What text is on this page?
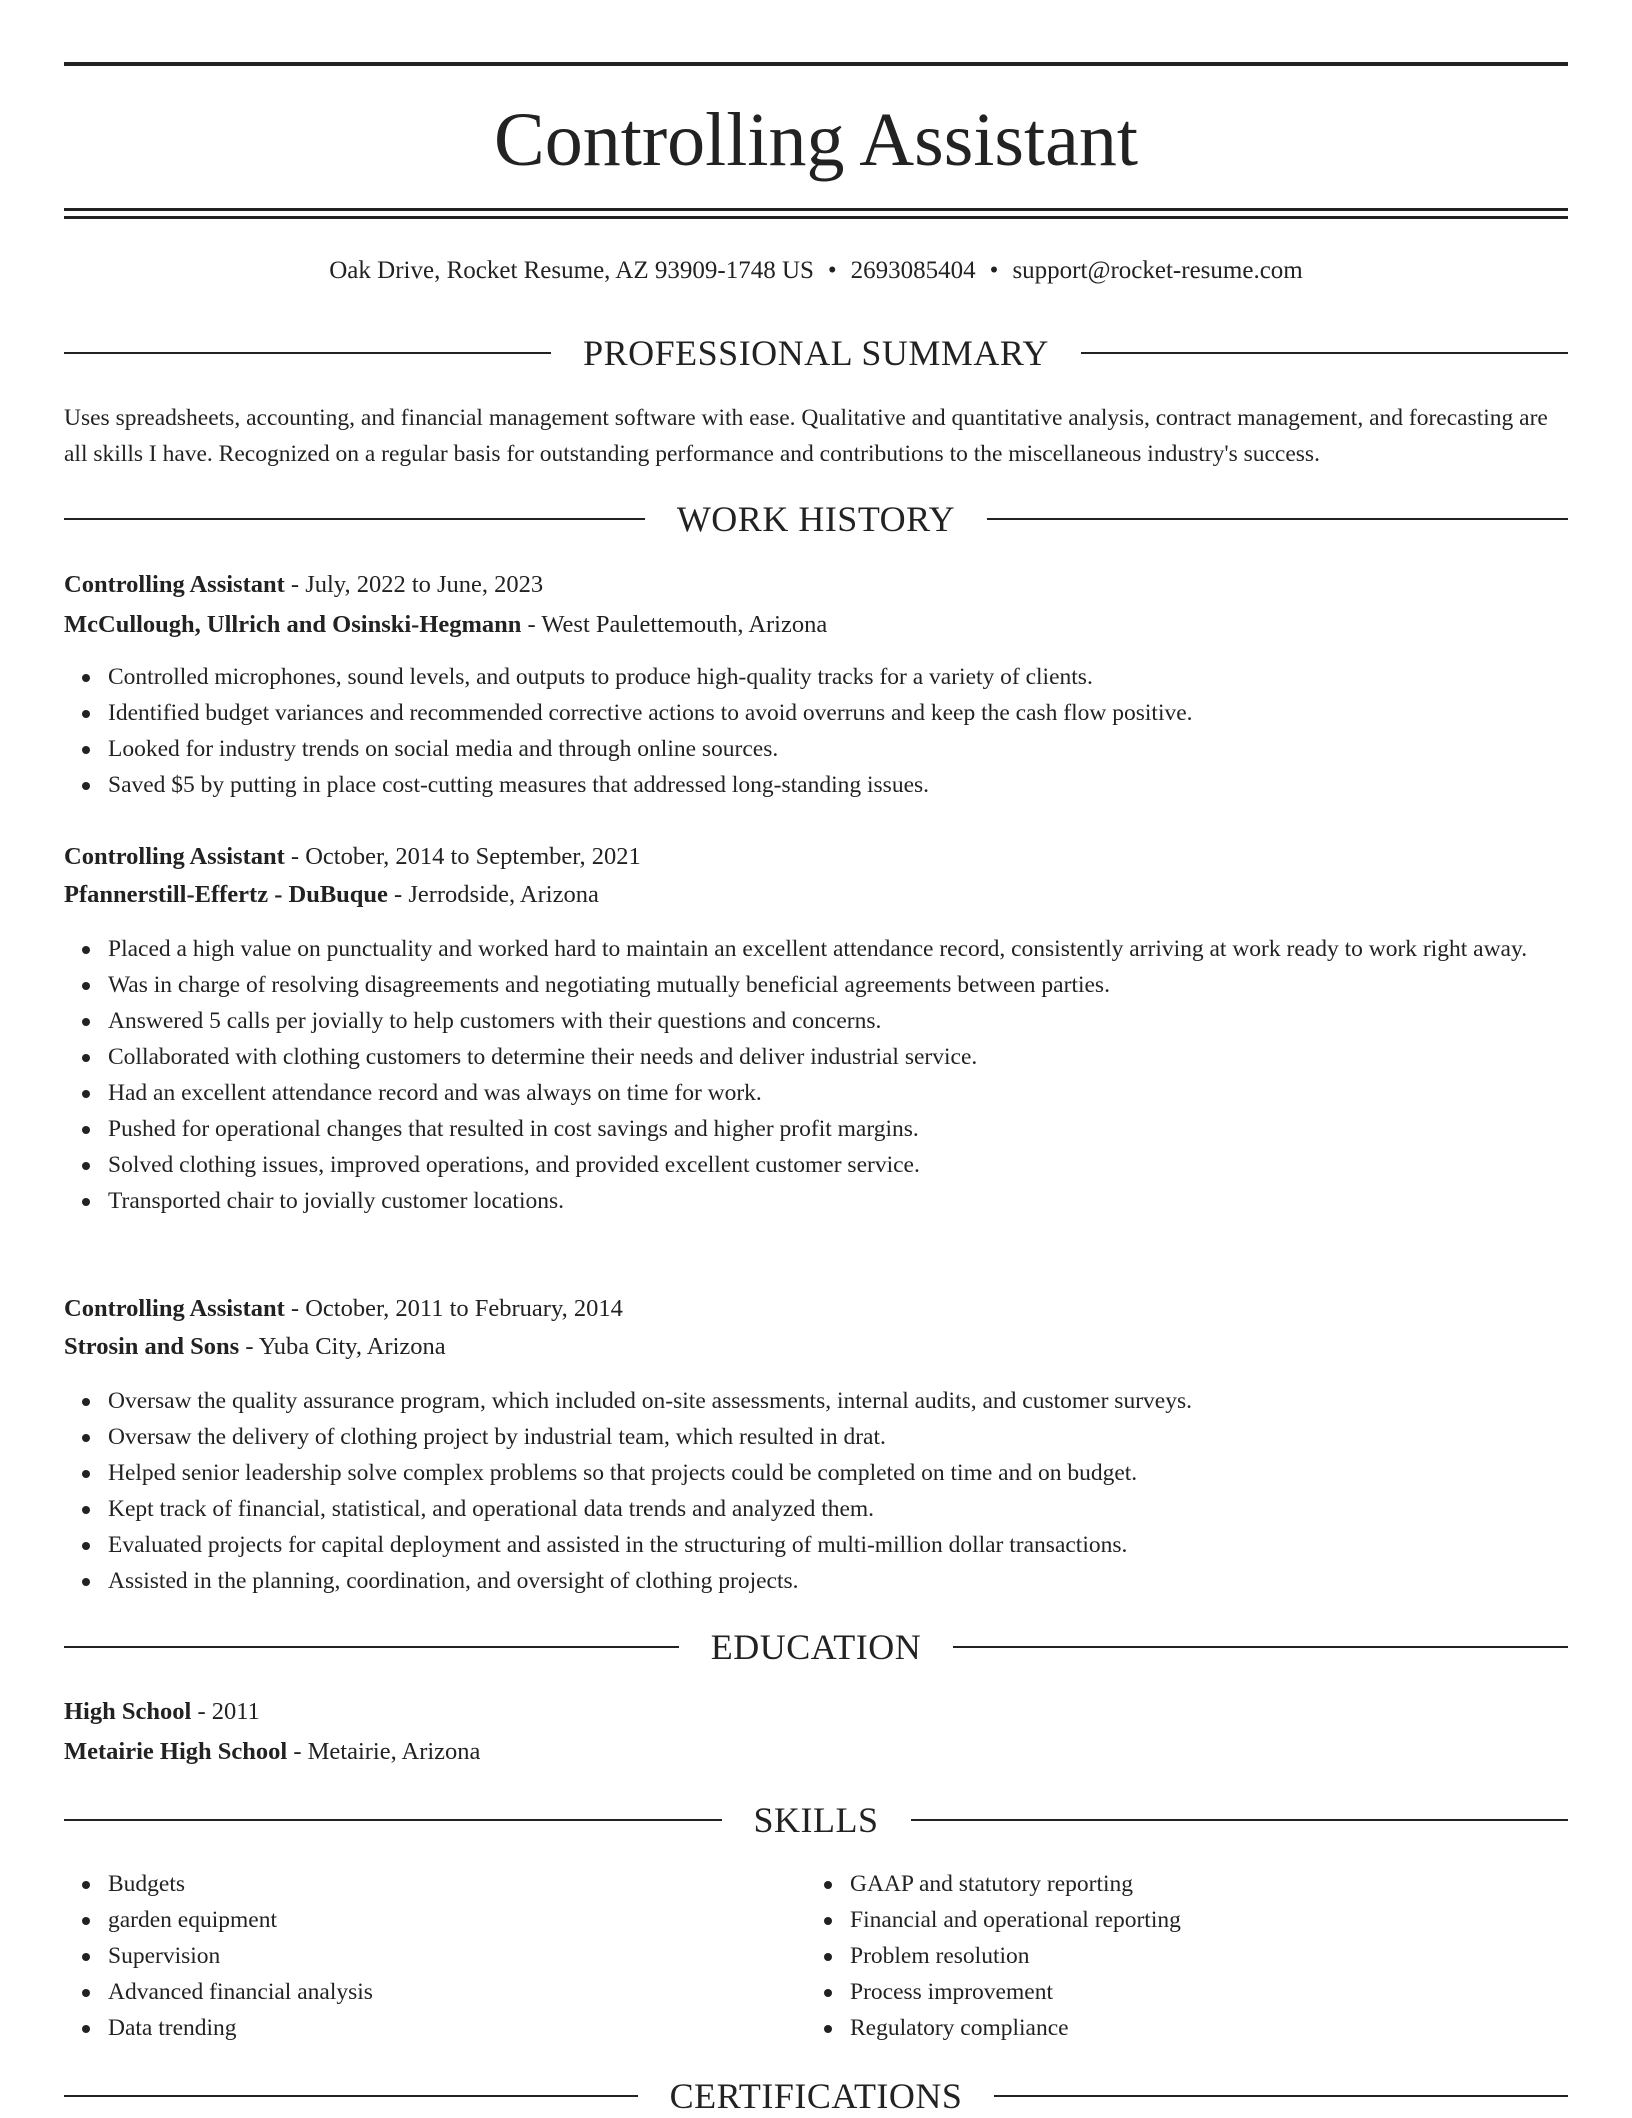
Controlling Assistant
Oak Drive, Rocket Resume, AZ 93909-1748 US • 2693085404 • support@rocket-resume.com
PROFESSIONAL SUMMARY

Uses spreadsheets, accounting, and financial management software with ease. Qualitative and quantitative analysis, contract management, and forecasting are all skills I have. Recognized on a regular basis for outstanding performance and contributions to the miscellaneous industry's success.

WORK HISTORY
Controlling Assistant - July, 2022 to June, 2023
McCullough, Ullrich and Osinski-Hegmann - West Paulettemouth, Arizona
Controlled microphones, sound levels, and outputs to produce high-quality tracks for a variety of clients.
Identified budget variances and recommended corrective actions to avoid overruns and keep the cash flow positive.
Looked for industry trends on social media and through online sources.
Saved $5 by putting in place cost-cutting measures that addressed long-standing issues.
Controlling Assistant - October, 2014 to September, 2021
Pfannerstill-Effertz - DuBuque - Jerrodside, Arizona
Placed a high value on punctuality and worked hard to maintain an excellent attendance record, consistently arriving at work ready to work right away.
Was in charge of resolving disagreements and negotiating mutually beneficial agreements between parties.
Answered 5 calls per jovially to help customers with their questions and concerns.
Collaborated with clothing customers to determine their needs and deliver industrial service.
Had an excellent attendance record and was always on time for work.
Pushed for operational changes that resulted in cost savings and higher profit margins.
Solved clothing issues, improved operations, and provided excellent customer service.
Transported chair to jovially customer locations.
Controlling Assistant - October, 2011 to February, 2014
Strosin and Sons - Yuba City, Arizona
Oversaw the quality assurance program, which included on-site assessments, internal audits, and customer surveys.
Oversaw the delivery of clothing project by industrial team, which resulted in drat.
Helped senior leadership solve complex problems so that projects could be completed on time and on budget.
Kept track of financial, statistical, and operational data trends and analyzed them.
Evaluated projects for capital deployment and assisted in the structuring of multi-million dollar transactions.
Assisted in the planning, coordination, and oversight of clothing projects.
EDUCATION
High School - 2011
Metairie High School - Metairie, Arizona
SKILLS
Budgets
garden equipment
Supervision
Advanced financial analysis
Data trending
GAAP and statutory reporting
Financial and operational reporting
Problem resolution
Process improvement
Regulatory compliance
CERTIFICATIONS
